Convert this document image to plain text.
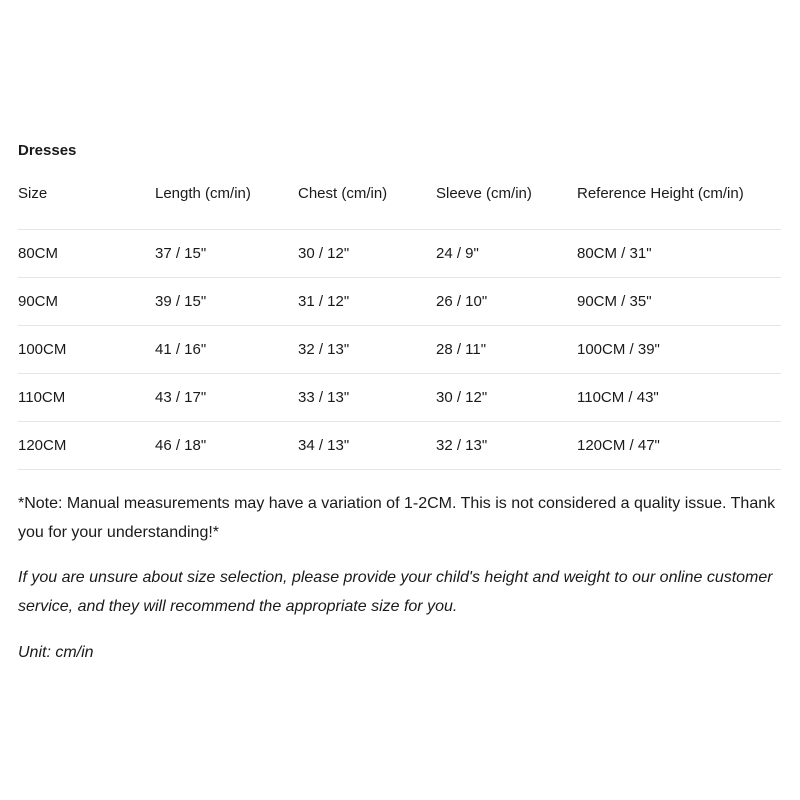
Dresses
Size	Length (cm/in)	Chest (cm/in)	Sleeve (cm/in)	Reference Height (cm/in)
80CM	37 / 15"	30 / 12"	24 / 9"	80CM / 31"
90CM	39 / 15"	31 / 12"	26 / 10"	90CM / 35"
100CM	41 / 16"	32 / 13"	28 / 11"	100CM / 39"
110CM	43 / 17"	33 / 13"	30 / 12"	110CM / 43"
120CM	46 / 18"	34 / 13"	32 / 13"	120CM / 47"

*Note: Manual measurements may have a variation of 1-2CM. This is not considered a quality issue. Thank you for your understanding!*

If you are unsure about size selection, please provide your child's height and weight to our online customer service, and they will recommend the appropriate size for you.

Unit: cm/in
